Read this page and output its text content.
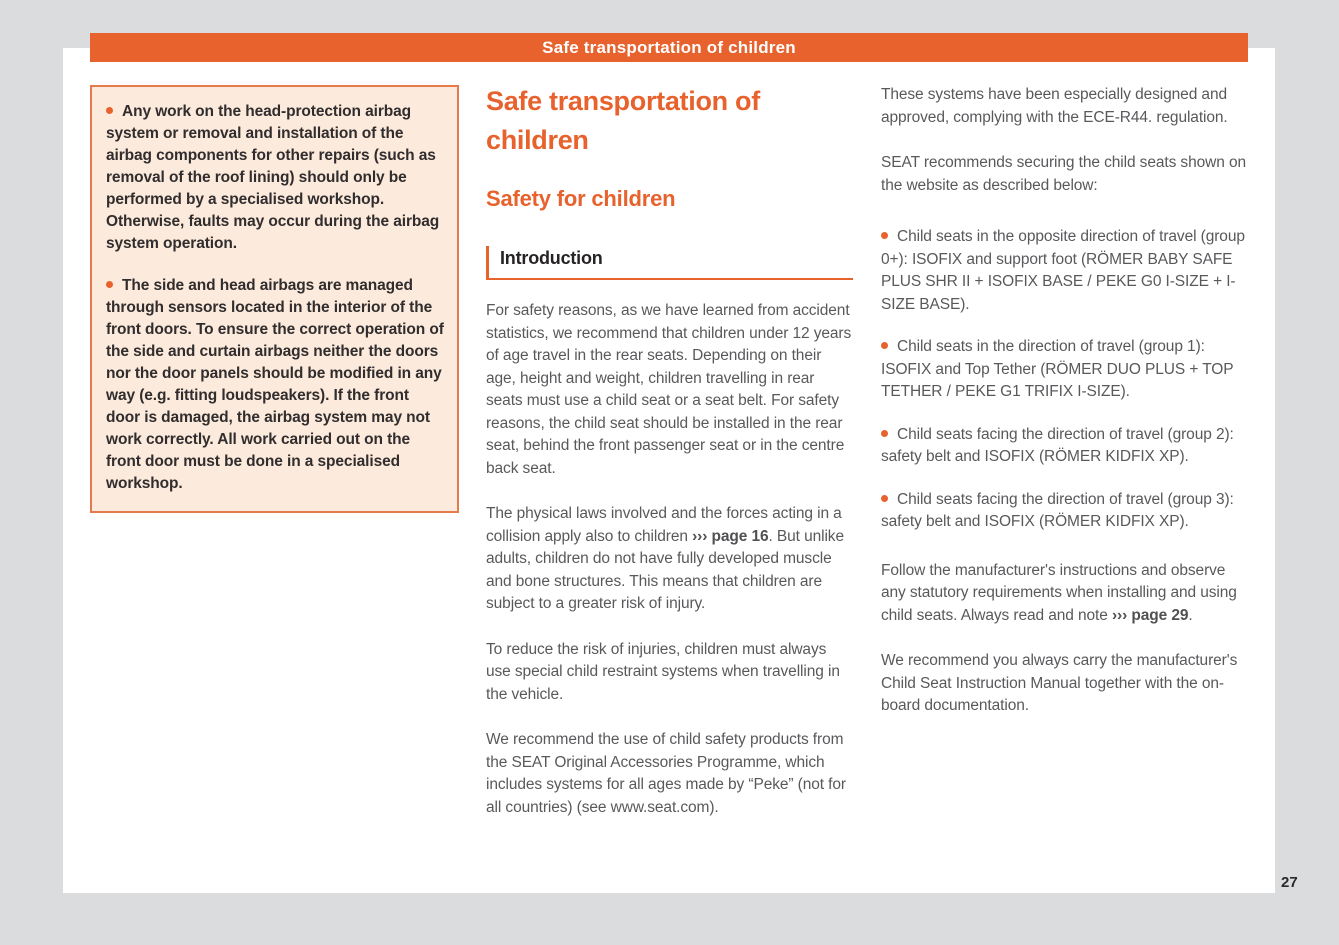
Safe transportation of children
Any work on the head-protection airbag system or removal and installation of the airbag components for other repairs (such as removal of the roof lining) should only be performed by a specialised workshop. Otherwise, faults may occur during the airbag system operation.
The side and head airbags are managed through sensors located in the interior of the front doors. To ensure the correct operation of the side and curtain airbags neither the doors nor the door panels should be modified in any way (e.g. fitting loudspeakers). If the front door is damaged, the airbag system may not work correctly. All work carried out on the front door must be done in a specialised workshop.
Safe transportation of children
Safety for children
Introduction

For safety reasons, as we have learned from accident statistics, we recommend that children under 12 years of age travel in the rear seats. Depending on their age, height and weight, children travelling in rear seats must use a child seat or a seat belt. For safety reasons, the child seat should be installed in the rear seat, behind the front passenger seat or in the centre back seat.

The physical laws involved and the forces acting in a collision apply also to children ››› page 16. But unlike adults, children do not have fully developed muscle and bone structures. This means that children are subject to a greater risk of injury.

To reduce the risk of injuries, children must always use special child restraint systems when travelling in the vehicle.

We recommend the use of child safety products from the SEAT Original Accessories Programme, which includes systems for all ages made by “Peke” (not for all countries) (see www.seat.com).

These systems have been especially designed and approved, complying with the ECE-R44. regulation.

SEAT recommends securing the child seats shown on the website as described below:

Child seats in the opposite direction of travel (group 0+): ISOFIX and support foot (RÖMER BABY SAFE PLUS SHR II + ISOFIX BASE / PEKE G0 I-SIZE + I-SIZE BASE).
Child seats in the direction of travel (group 1): ISOFIX and Top Tether (RÖMER DUO PLUS + TOP TETHER / PEKE G1 TRIFIX I-SIZE).
Child seats facing the direction of travel (group 2): safety belt and ISOFIX (RÖMER KIDFIX XP).
Child seats facing the direction of travel (group 3): safety belt and ISOFIX (RÖMER KIDFIX XP).

Follow the manufacturer's instructions and observe any statutory requirements when installing and using child seats. Always read and note ››› page 29.

We recommend you always carry the manufacturer's Child Seat Instruction Manual together with the on-board documentation.

27
